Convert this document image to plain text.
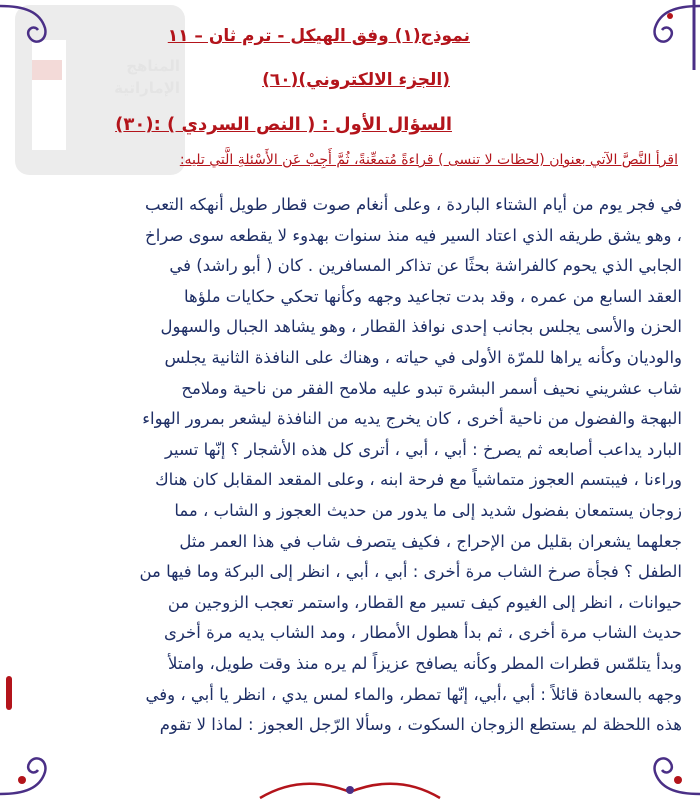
المناهج
الإماراتية
نموذج(١) وفق الهيكل - ترم ثان – ١١
(الجزء الالكتروني)(٦٠)
السؤال الأول : ( النص السردي ) :(٣٠)
اقرأ النَّصَّ الآتي بعنوان (لحظات لا تنسى ) قراءةً مُتمعِّنةً، ثُمَّ أَجِبْ عَن الأَسْئلةِ الَّتي تليه:
في فجر يوم من أيام الشتاء الباردة ، وعلى أنغام صوت قطار طويل أنهكه التعب
، وهو يشق طريقه الذي اعتاد السير فيه منذ سنوات بهدوء لا يقطعه سوى صراخ
الجابي الذي يحوم كالفراشة بحثًا عن تذاكر المسافرين . كان ( أبو راشد) في
العقد السابع من عمره ، وقد بدت تجاعيد وجهه وكأنها تحكي حكايات ملؤها
الحزن والأسى يجلس بجانب إحدى نوافذ القطار ، وهو يشاهد الجبال والسهول
والوديان وكأنه يراها للمرّة الأولى في حياته ، وهناك على النافذة الثانية يجلس
شاب عشريني نحيف أسمر البشرة تبدو عليه ملامح الفقر من ناحية وملامح
البهجة والفضول من ناحية أخرى ، كان يخرج يديه من النافذة ليشعر بمرور الهواء
البارد يداعب أصابعه ثم يصرخ : أبي ، أبي ، أترى كل هذه الأشجار ؟ إنّها تسير
وراءنا ، فيبتسم العجوز متماشياً مع فرحة ابنه ، وعلى المقعد المقابل كان هناك
زوجان يستمعان بفضول شديد إلى ما يدور من حديث العجوز و الشاب ، مما
جعلهما يشعران بقليل من الإحراج ، فكيف يتصرف شاب في هذا العمر مثل
الطفل ؟ فجأة صرخ الشاب مرة أخرى : أبي ، أبي ، انظر إلى البركة وما فيها من
حيوانات ، انظر إلى الغيوم كيف تسير مع القطار، واستمر تعجب الزوجين من
حديث الشاب مرة أخرى ، ثم بدأ هطول الأمطار ، ومد الشاب يديه مرة أخرى
وبدأ يتلمّس قطرات المطر وكأنه يصافح عزيزاً لم يره منذ وقت طويل، وامتلأ
وجهه بالسعادة قائلاً : أبي ،أبي، إنّها تمطر، والماء لمس يدي ، انظر يا أبي ، وفي
هذه اللحظة لم يستطع الزوجان السكوت ، وسألا الرّجل العجوز : لماذا لا تقوم
